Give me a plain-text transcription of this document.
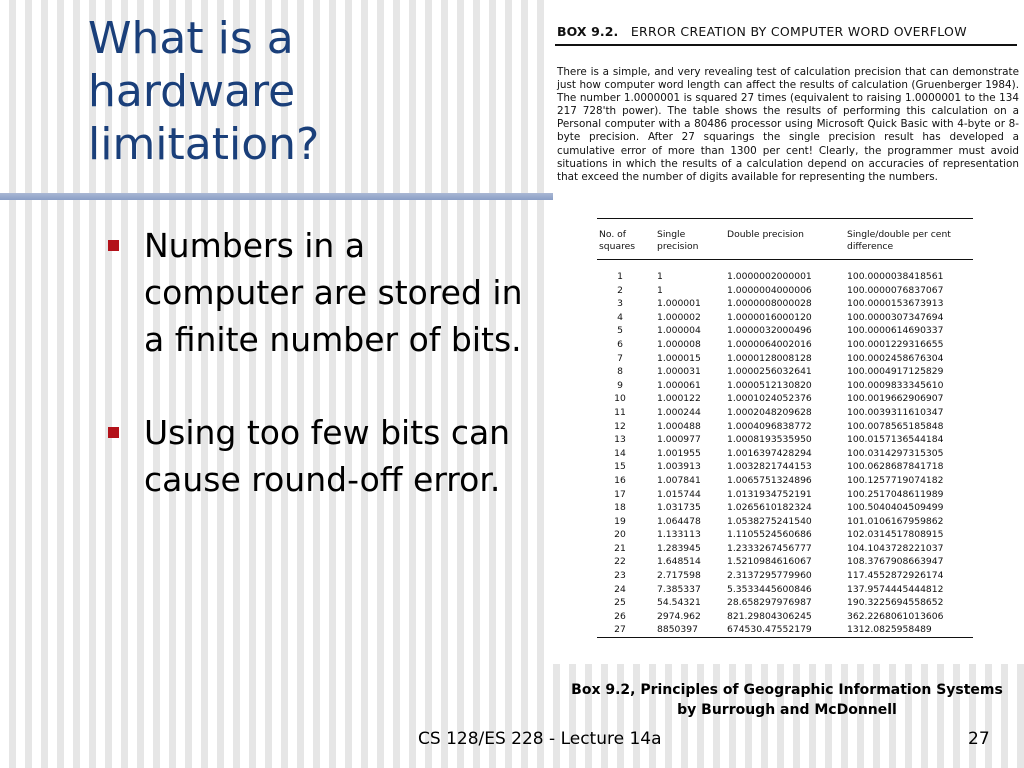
What is a hardware limitation?
Numbers in a computer are stored in a finite number of bits.
Using too few bits can cause round-off error.
BOX 9.2. ERROR CREATION BY COMPUTER WORD OVERFLOW

There is a simple, and very revealing test of calculation precision that can demonstrate just how computer word length can affect the results of calculation (Gruenberger 1984). The number 1.0000001 is squared 27 times (equivalent to raising 1.0000001 to the 134 217 728'th power). The table shows the results of performing this calculation on a Personal computer with a 80486 processor using Microsoft Quick Basic with 4-byte or 8-byte precision. After 27 squarings the single precision result has developed a cumulative error of more than 1300 per cent! Clearly, the programmer must avoid situations in which the results of a calculation depend on accuracies of representation that exceed the number of digits available for representing the numbers.

No. of squares	Single precision	Double precision	Single/double per cent difference

1	1	1.0000002000001	100.0000038418561
2	1	1.0000004000006	100.0000076837067
3	1.000001	1.0000008000028	100.0000153673913
4	1.000002	1.0000016000120	100.0000307347694
5	1.000004	1.0000032000496	100.0000614690337
6	1.000008	1.0000064002016	100.0001229316655
7	1.000015	1.0000128008128	100.0002458676304
8	1.000031	1.0000256032641	100.0004917125829
9	1.000061	1.0000512130820	100.0009833345610
10	1.000122	1.0001024052376	100.0019662906907
11	1.000244	1.0002048209628	100.0039311610347
12	1.000488	1.0004096838772	100.0078565185848
13	1.000977	1.0008193535950	100.0157136544184
14	1.001955	1.0016397428294	100.0314297315305
15	1.003913	1.0032821744153	100.0628687841718
16	1.007841	1.0065751324896	100.1257719074182
17	1.015744	1.0131934752191	100.2517048611989
18	1.031735	1.0265610182324	100.5040404509499
19	1.064478	1.0538275241540	101.0106167959862
20	1.133113	1.1105524560686	102.0314517808915
21	1.283945	1.2333267456777	104.1043728221037
22	1.648514	1.5210984616067	108.3767908663947
23	2.717598	2.3137295779960	117.4552872926174
24	7.385337	5.3533445600846	137.9574445444812
25	54.54321	28.658297976987	190.3225694558652
26	2974.962	821.29804306245	362.2268061013606
27	8850397	674530.47552179	1312.0825958489
Box 9.2, Principles of Geographic Information Systems by Burrough and McDonnell
CS 128/ES 228 - Lecture 14a	27
